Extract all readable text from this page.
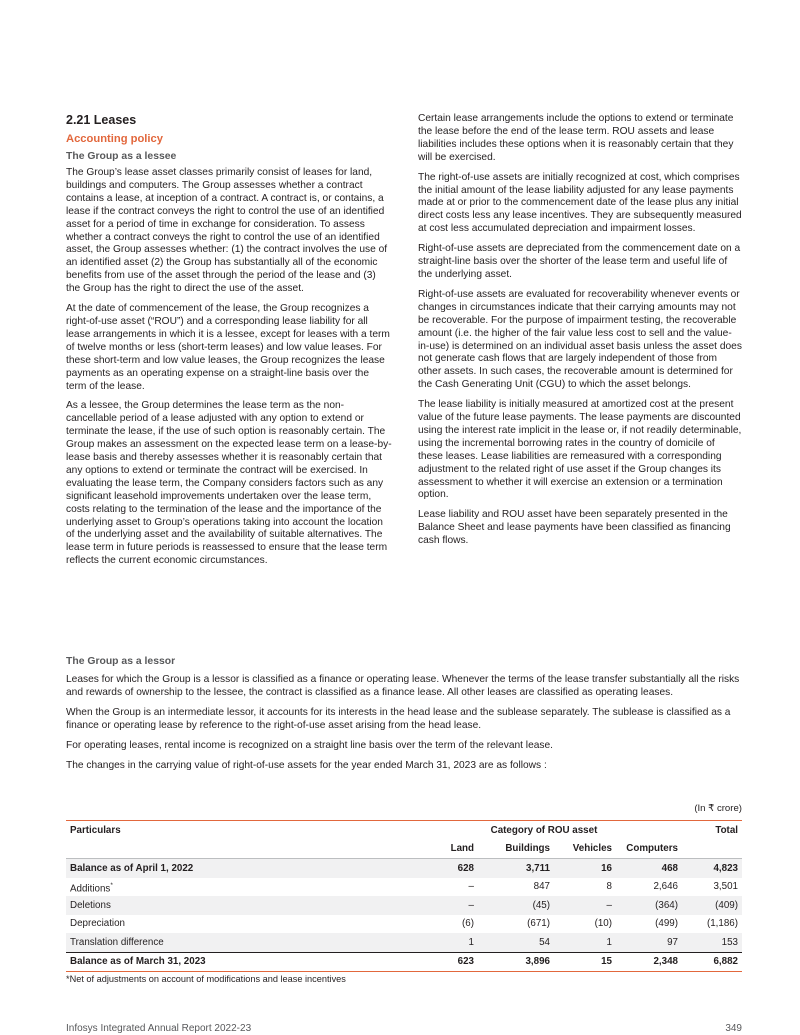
2.21 Leases
Accounting policy
The Group as a lessee

The Group’s lease asset classes primarily consist of leases for land, buildings and computers. The Group assesses whether a contract contains a lease, at inception of a contract. A contract is, or contains, a lease if the contract conveys the right to control the use of an identified asset for a period of time in exchange for consideration. To assess whether a contract conveys the right to control the use of an identified asset, the Group assesses whether: (1) the contract involves the use of an identified asset (2) the Group has substantially all of the economic benefits from use of the asset through the period of the lease and (3) the Group has the right to direct the use of the asset.

At the date of commencement of the lease, the Group recognizes a right-of-use asset (“ROU”) and a corresponding lease liability for all lease arrangements in which it is a lessee, except for leases with a term of twelve months or less (short-term leases) and low value leases. For these short-term and low value leases, the Group recognizes the lease payments as an operating expense on a straight-line basis over the term of the lease.

As a lessee, the Group determines the lease term as the non-cancellable period of a lease adjusted with any option to extend or terminate the lease, if the use of such option is reasonably certain. The Group makes an assessment on the expected lease term on a lease-by-lease basis and thereby assesses whether it is reasonably certain that any options to extend or terminate the contract will be exercised. In evaluating the lease term, the Company considers factors such as any significant leasehold improvements undertaken over the lease term, costs relating to the termination of the lease and the importance of the underlying asset to Group’s operations taking into account the location of the underlying asset and the availability of suitable alternatives. The lease term in future periods is reassessed to ensure that the lease term reflects the current economic circumstances.

Certain lease arrangements include the options to extend or terminate the lease before the end of the lease term. ROU assets and lease liabilities includes these options when it is reasonably certain that they will be exercised.

The right-of-use assets are initially recognized at cost, which comprises the initial amount of the lease liability adjusted for any lease payments made at or prior to the commencement date of the lease plus any initial direct costs less any lease incentives. They are subsequently measured at cost less accumulated depreciation and impairment losses.

Right-of-use assets are depreciated from the commencement date on a straight-line basis over the shorter of the lease term and useful life of the underlying asset.

Right-of-use assets are evaluated for recoverability whenever events or changes in circumstances indicate that their carrying amounts may not be recoverable. For the purpose of impairment testing, the recoverable amount (i.e. the higher of the fair value less cost to sell and the value-in-use) is determined on an individual asset basis unless the asset does not generate cash flows that are largely independent of those from other assets. In such cases, the recoverable amount is determined for the Cash Generating Unit (CGU) to which the asset belongs.

The lease liability is initially measured at amortized cost at the present value of the future lease payments. The lease payments are discounted using the interest rate implicit in the lease or, if not readily determinable, using the incremental borrowing rates in the country of domicile of these leases. Lease liabilities are remeasured with a corresponding adjustment to the related right of use asset if the Group changes its assessment to whether it will exercise an extension or a termination option.

Lease liability and ROU asset have been separately presented in the Balance Sheet and lease payments have been classified as financing cash flows.

The Group as a lessor

Leases for which the Group is a lessor is classified as a finance or operating lease. Whenever the terms of the lease transfer substantially all the risks and rewards of ownership to the lessee, the contract is classified as a finance lease. All other leases are classified as operating leases.

When the Group is an intermediate lessor, it accounts for its interests in the head lease and the sublease separately. The sublease is classified as a finance or operating lease by reference to the right-of-use asset arising from the head lease.

For operating leases, rental income is recognized on a straight line basis over the term of the relevant lease.

The changes in the carrying value of right-of-use assets for the year ended March 31, 2023 are as follows :

(In ₹ crore)
Particulars	Category of ROU asset				Total
	Land	Buildings	Vehicles	Computers	
Balance as of April 1, 2022	628	3,711	16	468	4,823
Additions*	–	847	8	2,646	3,501
Deletions	–	(45)	–	(364)	(409)
Depreciation	(6)	(671)	(10)	(499)	(1,186)
Translation difference	1	54	1	97	153
Balance as of March 31, 2023	623	3,896	15	2,348	6,882
*Net of adjustments on account of modifications and lease incentives
Infosys Integrated Annual Report 2022-23	349
